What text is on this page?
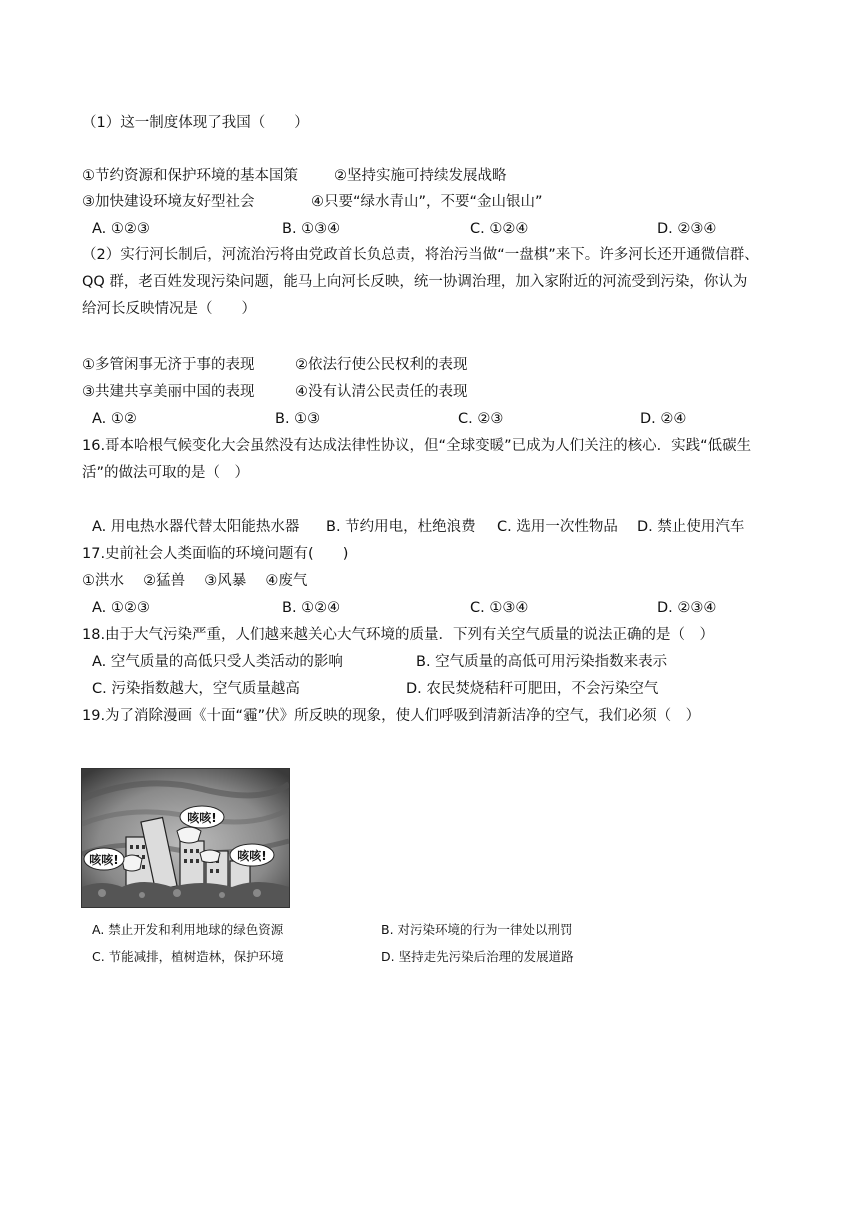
（1）这一制度体现了我国（　　）
①节约资源和保护环境的基本国策 ②坚持实施可持续发展战略
③加快建设环境友好型社会	④只要“绿水青山”，不要“金山银山”
A. ①②③	B. ①③④	C. ①②④	D. ②③④
（2）实行河长制后，河流治污将由党政首长负总责，将治污当做“一盘棋”来下。许多河长还开通微信群、
QQ 群，老百姓发现污染问题，能马上向河长反映，统一协调治理，加入家附近的河流受到污染，你认为
给河长反映情况是（　　）
①多管闲事无济于事的表现	②依法行使公民权利的表现
③共建共享美丽中国的表现	④没有认清公民责任的表现
A. ①②	B. ①③	C. ②③	D. ②④
16.哥本哈根气候变化大会虽然没有达成法律性协议，但“全球变暖”已成为人们关注的核心．实践“低碳生
活”的做法可取的是（　）
A. 用电热水器代替太阳能热水器 B. 节约用电，杜绝浪费 C. 选用一次性物品 D. 禁止使用汽车
17.史前社会人类面临的环境问题有(　　)
①洪水　 ②猛兽　 ③风暴　 ④废气
A. ①②③	B. ①②④	C. ①③④	D. ②③④
18.由于大气污染严重，人们越来越关心大气环境的质量．下列有关空气质量的说法正确的是（　）
A. 空气质量的高低只受人类活动的影响	B. 空气质量的高低可用污染指数来表示
C. 污染指数越大，空气质量越高	D. 农民焚烧秸秆可肥田，不会污染空气
19.为了消除漫画《十面“霾”伏》所反映的现象，使人们呼吸到清新洁净的空气，我们必须（　）
咳咳!
咳咳!	咳咳!
A. 禁止开发和利用地球的绿色资源	B. 对污染环境的行为一律处以刑罚
C. 节能减排，植树造林，保护环境	D. 坚持走先污染后治理的发展道路
